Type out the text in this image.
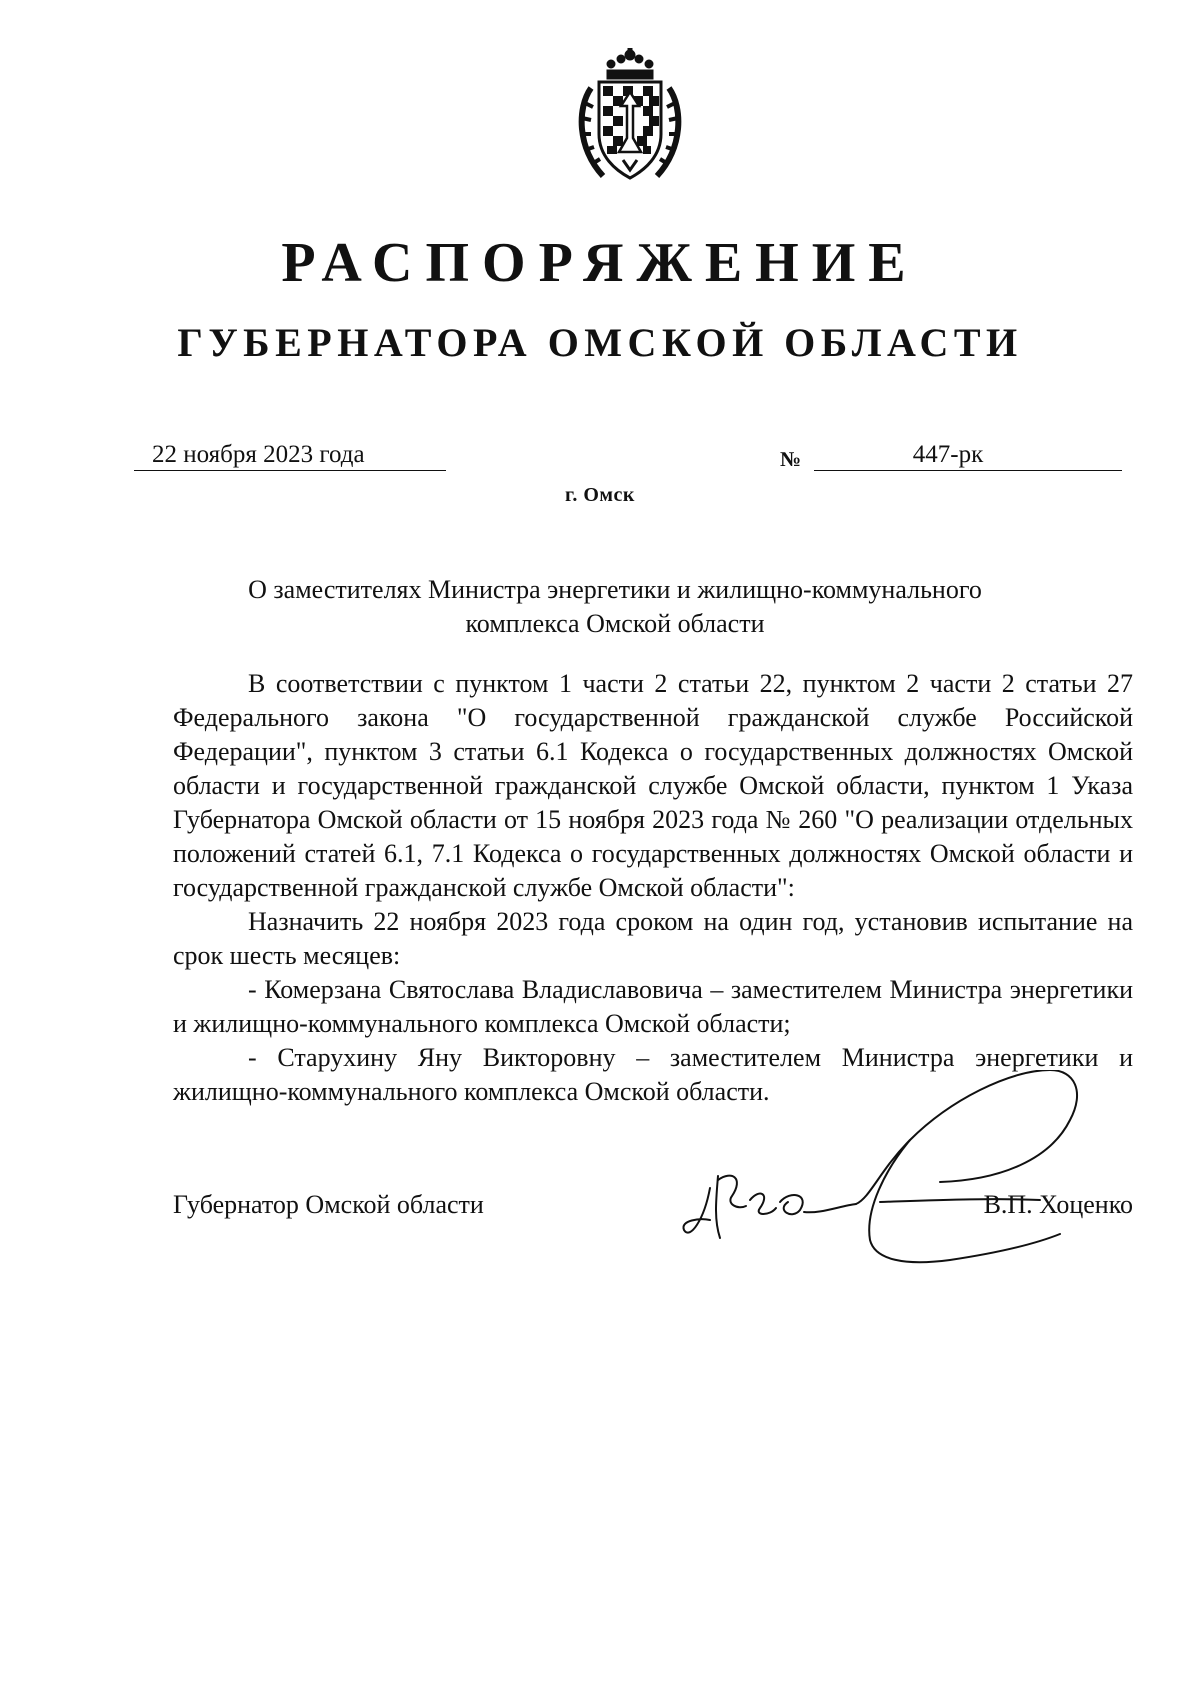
РАСПОРЯЖЕНИЕ
ГУБЕРНАТОРА ОМСКОЙ ОБЛАСТИ
22 ноября 2023 года	№	447-рк
г. Омск
О заместителях Министра энергетики и жилищно-коммунального комплекса Омской области

В соответствии с пунктом 1 части 2 статьи 22, пунктом 2 части 2 статьи 27 Федерального закона "О государственной гражданской службе Российской Федерации", пунктом 3 статьи 6.1 Кодекса о государственных должностях Омской области и государственной гражданской службе Омской области, пунктом 1 Указа Губернатора Омской области от 15 ноября 2023 года № 260 "О реализации отдельных положений статей 6.1, 7.1 Кодекса о государственных должностях Омской области и государственной гражданской службе Омской области":

Назначить 22 ноября 2023 года сроком на один год, установив испытание на срок шесть месяцев:

- Комерзана Святослава Владиславовича – заместителем Министра энергетики и жилищно-коммунального комплекса Омской области;

- Старухину Яну Викторовну – заместителем Министра энергетики и жилищно-коммунального комплекса Омской области.

Губернатор Омской области	В.П. Хоценко
